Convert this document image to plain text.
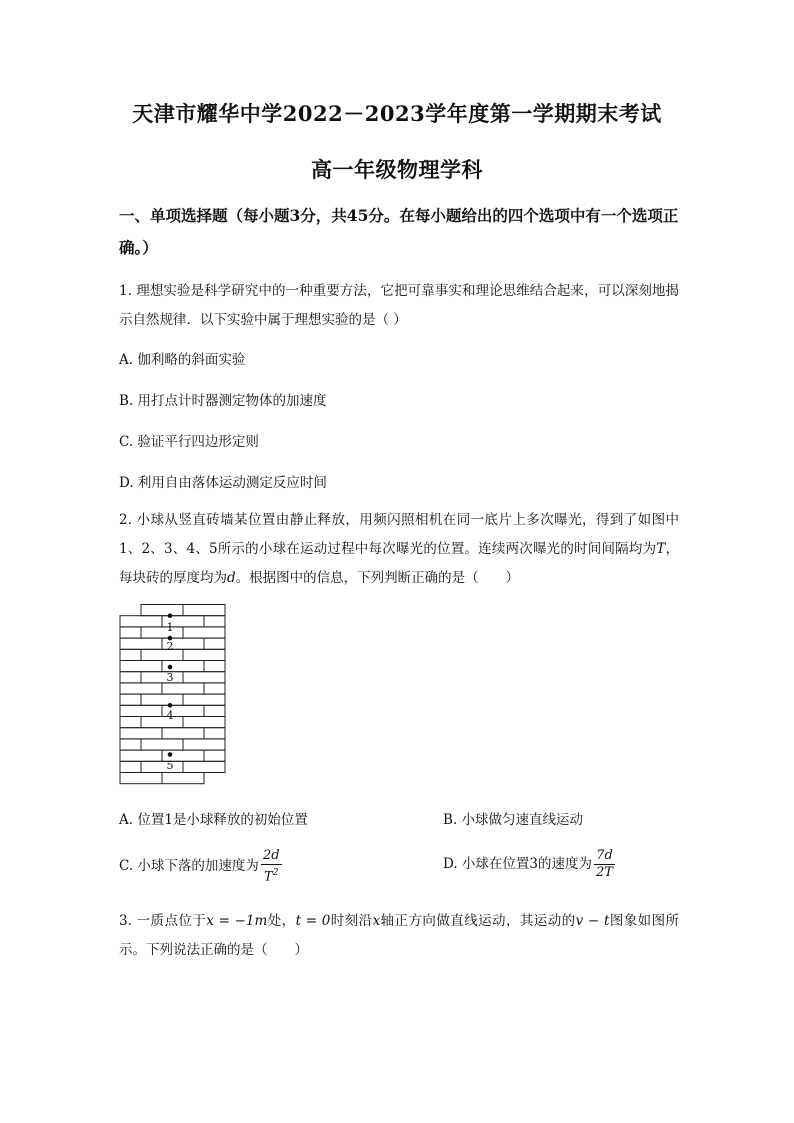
天津市耀华中学2022－2023学年度第一学期期末考试
高一年级物理学科
一、单项选择题（每小题3分，共45分。在每小题给出的四个选项中有一个选项正确。）
1. 理想实验是科学研究中的一种重要方法，它把可靠事实和理论思维结合起来，可以深刻地揭示自然规律．以下实验中属于理想实验的是（ ）
A. 伽利略的斜面实验
B. 用打点计时器测定物体的加速度
C. 验证平行四边形定则
D. 利用自由落体运动测定反应时间
2. 小球从竖直砖墙某位置由静止释放，用频闪照相机在同一底片上多次曝光，得到了如图中1、2、3、4、5所示的小球在运动过程中每次曝光的位置。连续两次曝光的时间间隔均为T，每块砖的厚度均为d。根据图中的信息，下列判断正确的是（　　）
1
2
3
4
5
A. 位置1是小球释放的初始位置	B. 小球做匀速直线运动
C. 小球下落的加速度为 $\frac{2d}{T^2}$	D. 小球在位置3的速度为 $\frac{7d}{2T}$
3. 一质点位于x = −1m处，t = 0时刻沿x轴正方向做直线运动，其运动的v − t图象如图所示。下列说法正确的是（　　）
